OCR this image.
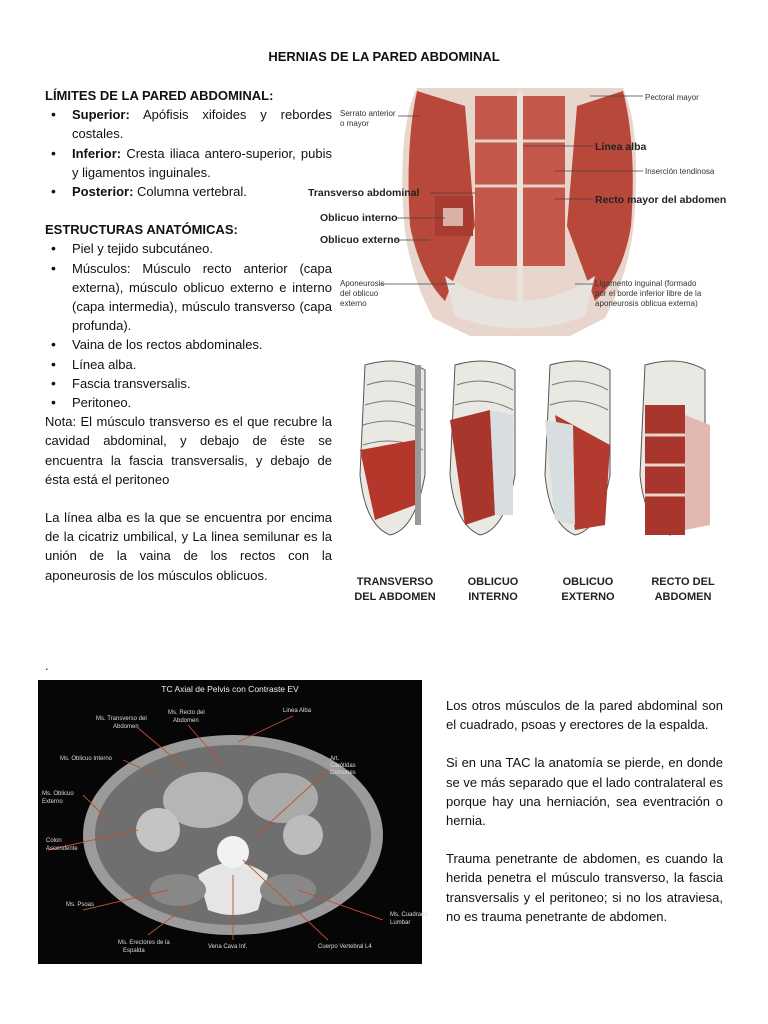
HERNIAS DE LA PARED ABDOMINAL

LÍMITES DE LA PARED ABDOMINAL:

• Superior: Apófisis xifoides y rebordes costales.
• Inferior: Cresta iliaca antero-superior, pubis y ligamentos inguinales.
• Posterior: Columna vertebral.

ESTRUCTURAS ANATÓMICAS:

• Piel y tejido subcutáneo.
• Músculos: Músculo recto anterior (capa externa), músculo oblicuo externo e interno (capa intermedia), músculo transverso (capa profunda).
• Vaina de los rectos abdominales.
• Línea alba.
• Fascia transversalis.
• Peritoneo.

Nota: El músculo transverso es el que recubre la cavidad abdominal, y debajo de éste se encuentra la fascia transversalis, y debajo de ésta está el peritoneo

La línea alba es la que se encuentra por encima de la cicatriz umbilical, y La linea semilunar es la unión de la vaina de los rectos con la aponeurosis de los músculos oblicuos.

Serrato anterior
o mayor
Pectoral mayor
Inserción tendinosa
Aponeurosis
del oblicuo
externo
Ligamento inguinal (formado
por el borde inferior libre de la
aponeurosis oblicua externa)
Línea alba
Transverso abdominal
Recto mayor del abdomen
Oblicuo interno
Oblicuo externo
TRANSVERSO
DEL ABDOMEN
OBLICUO
INTERNO
OBLICUO
EXTERNO
RECTO DEL
ABDOMEN
.
TC Axial de Pelvis con Contraste EV
Ms. Transverso del
Abdomen
Ms. Recto del
Abdomen
Linea Alba
Ms. Oblicuo Interno	Art.
Carótidas
Comunes
Ms. Oblicuo
Externo
Colon
Ascendente
Ms. Psoas
Ms. Cuadrado
Lumbar
Ms. Erectores de la
Espalda
Vena Cava Inf.	Cuerpo Vertebral L4

Los otros músculos de la pared abdominal son el cuadrado, psoas y erectores de la espalda.

Si en una TAC la anatomía se pierde, en donde se ve más separado que el lado contralateral es porque hay una herniación, sea eventración o hernia.

Trauma penetrante de abdomen, es cuando la herida penetra el músculo transverso, la fascia transversalis y el peritoneo; si no los atraviesa, no es trauma penetrante de abdomen.
